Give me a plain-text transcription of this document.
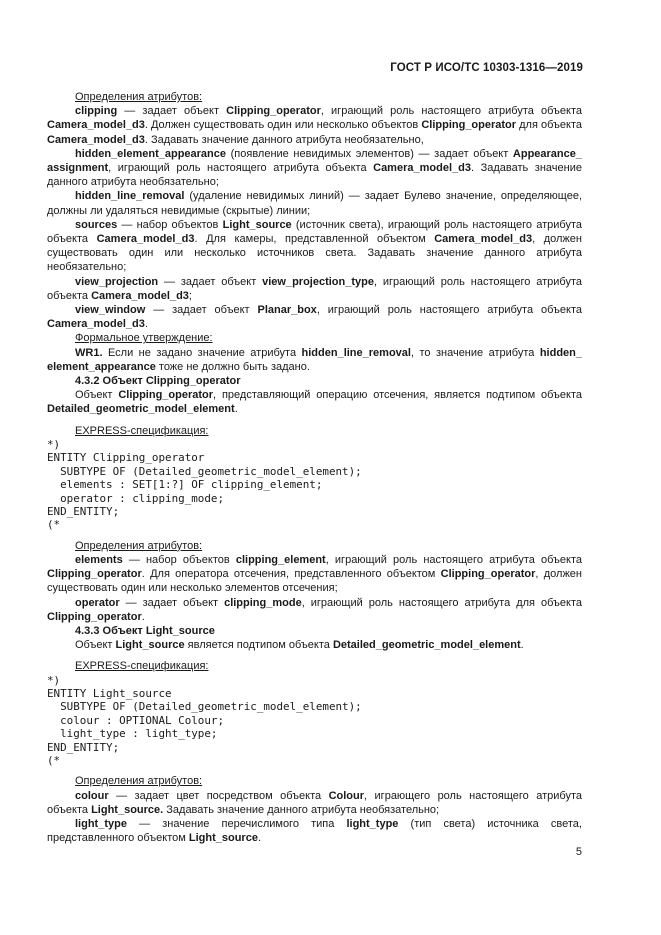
ГОСТ Р ИСО/ТС 10303-1316—2019

Определения атрибутов:

clipping — задает объект Clipping_operator, играющий роль настоящего атрибута объекта Camera_model_d3. Должен существовать один или несколько объектов Clipping_operator для объекта Camera_model_d3. Задавать значение данного атрибута необязательно,

hidden_element_appearance (появление невидимых элементов) — задает объект Appearance_ assignment, играющий роль настоящего атрибута объекта Camera_model_d3. Задавать значение данного атрибута необязательно;

hidden_line_removal (удаление невидимых линий) — задает Булево значение, определяющее, должны ли удаляться невидимые (скрытые) линии;

sources — набор объектов Light_source (источник света), играющий роль настоящего атрибута объекта Camera_model_d3. Для камеры, представленной объектом Camera_model_d3, должен существовать один или несколько источников света. Задавать значение данного атрибута необязательно;

view_projection — задает объект view_projection_type, играющий роль настоящего атрибута объекта Camera_model_d3;

view_window — задает объект Planar_box, играющий роль настоящего атрибута объекта Camera_model_d3.

Формальное утверждение:

WR1. Если не задано значение атрибута hidden_line_removal, то значение атрибута hidden_ element_appearance тоже не должно быть задано.

4.3.2 Объект Clipping_operator

Объект Clipping_operator, представляющий операцию отсечения, является подтипом объекта Detailed_geometric_model_element.

EXPRESS-спецификация:

*)
ENTITY Clipping_operator
SUBTYPE OF (Detailed_geometric_model_element);
elements : SET[1:?] OF clipping_element;
operator : clipping_mode;
END_ENTITY;
(*

Определения атрибутов:

elements — набор объектов clipping_element, играющий роль настоящего атрибута объекта Clipping_operator. Для оператора отсечения, представленного объектом Clipping_operator, должен существовать один или несколько элементов отсечения;

operator — задает объект clipping_mode, играющий роль настоящего атрибута для объекта Clipping_operator.

4.3.3 Объект Light_source

Объект Light_source является подтипом объекта Detailed_geometric_model_element.

EXPRESS-спецификация:

*)
ENTITY Light_source
SUBTYPE OF (Detailed_geometric_model_element);
colour : OPTIONAL Colour;
light_type : light_type;
END_ENTITY;
(*

Определения атрибутов:

colour — задает цвет посредством объекта Colour, играющего роль настоящего атрибута объекта Light_source. Задавать значение данного атрибута необязательно;

light_type — значение перечислимого типа light_type (тип света) источника света, представленного объектом Light_source.

5
